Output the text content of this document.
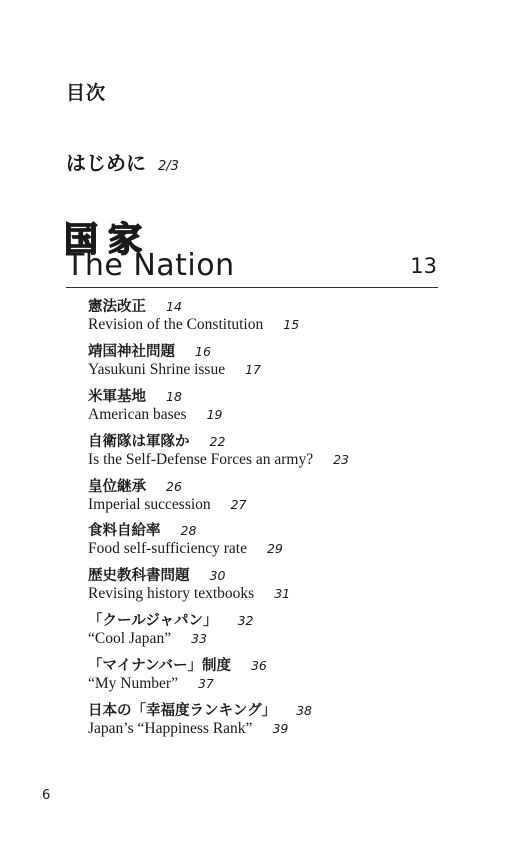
目次
はじめに 2/3
国家
The Nation	13
憲法改正 14
Revision of the Constitution 15
靖国神社問題 16
Yasukuni Shrine issue 17
米軍基地 18
American bases 19
自衛隊は軍隊か 22
Is the Self-Defense Forces an army? 23
皇位継承 26
Imperial succession 27
食料自給率 28
Food self-sufficiency rate 29
歴史教科書問題 30
Revising history textbooks 31
「クールジャパン」 32
“Cool Japan” 33
「マイナンバー」制度 36
“My Number” 37
日本の「幸福度ランキング」 38
Japan’s “Happiness Rank” 39
6
